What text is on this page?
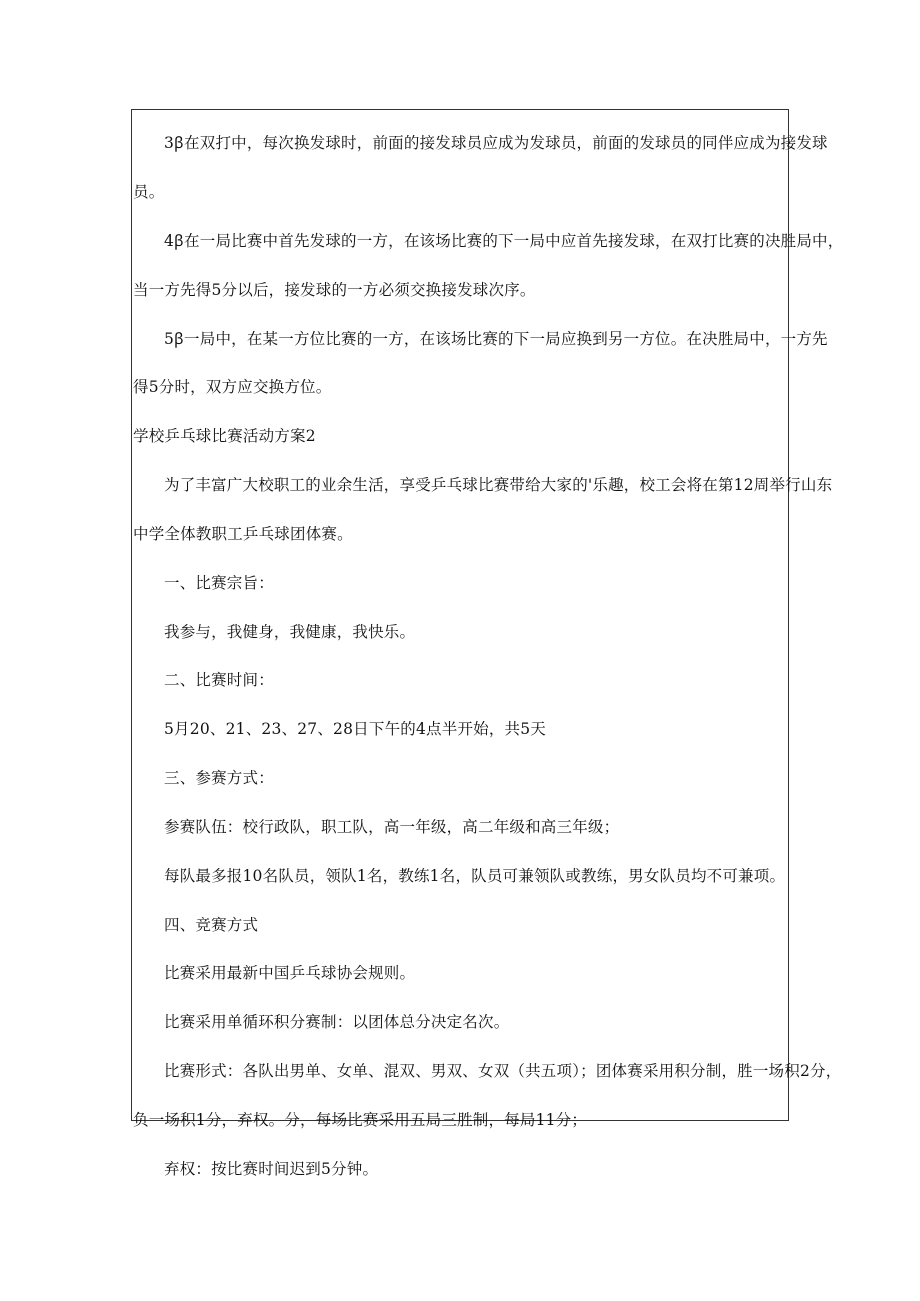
3ꞵ在双打中，每次换发球时，前面的接发球员应成为发球员，前面的发球员的同伴应成为接发球
员。
4ꞵ在一局比赛中首先发球的一方，在该场比赛的下一局中应首先接发球，在双打比赛的决胜局中，
当一方先得5分以后，接发球的一方必须交换接发球次序。
5ꞵ一局中，在某一方位比赛的一方，在该场比赛的下一局应换到另一方位。在决胜局中，一方先
得5分时，双方应交换方位。
学校乒乓球比赛活动方案2
为了丰富广大校职工的业余生活，享受乒乓球比赛带给大家的'乐趣，校工会将在第12周举行山东
中学全体教职工乒乓球团体赛。
一、比赛宗旨：
我参与，我健身，我健康，我快乐。
二、比赛时间：
5月20、21、23、27、28日下午的4点半开始，共5天
三、参赛方式：
参赛队伍：校行政队，职工队，高一年级，高二年级和高三年级；
每队最多报10名队员，领队1名，教练1名，队员可兼领队或教练，男女队员均不可兼项。
四、竞赛方式
比赛采用最新中国乒乓球协会规则。
比赛采用单循环积分赛制：以团体总分决定名次。
比赛形式：各队出男单、女单、混双、男双、女双（共五项）；团体赛采用积分制，胜一场积2分，
负一场积1分，弃权。分，每场比赛采用五局三胜制，每局11分；
弃权：按比赛时间迟到5分钟。
